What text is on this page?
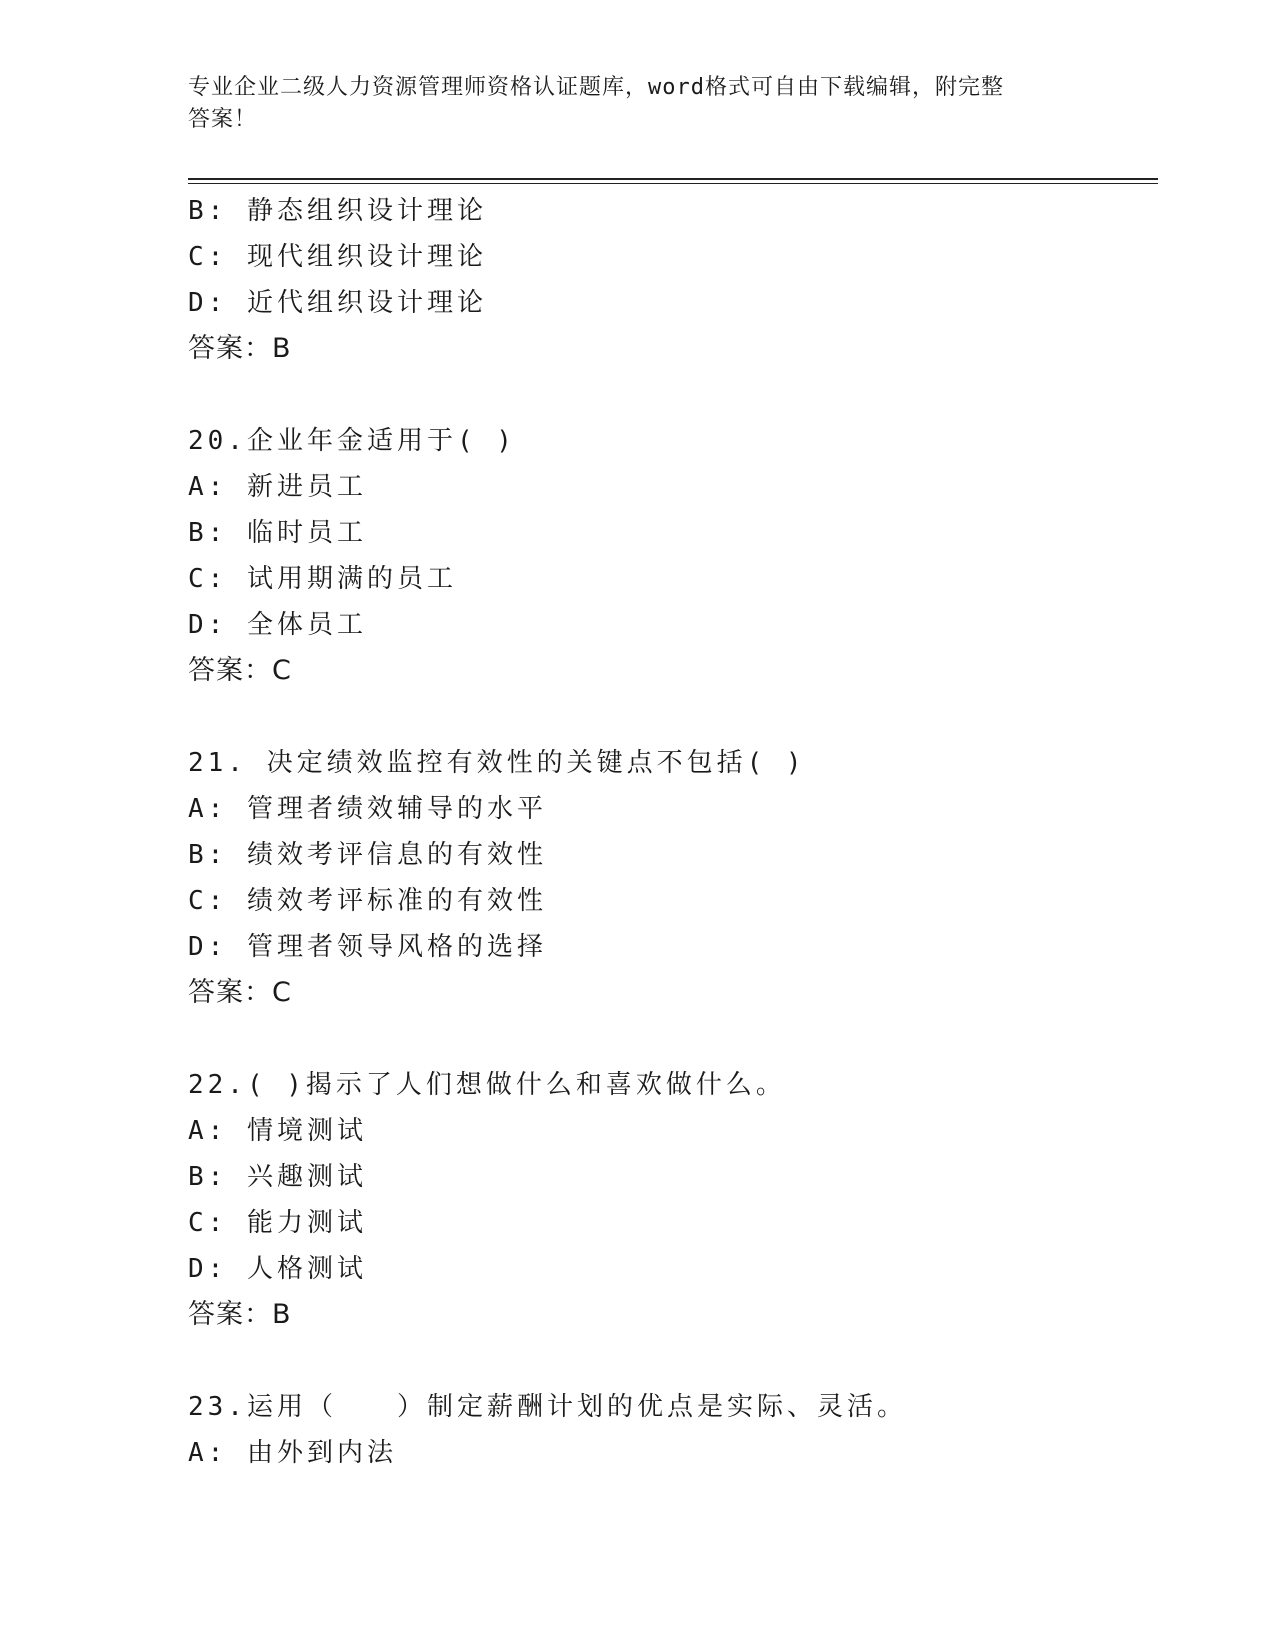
专业企业二级人力资源管理师资格认证题库，word格式可自由下载编辑，附完整
答案！
B: 静态组织设计理论
C: 现代组织设计理论
D: 近代组织设计理论
答案：B
20.企业年金适用于( )
A: 新进员工
B: 临时员工
C: 试用期满的员工
D: 全体员工
答案：C
21. 决定绩效监控有效性的关键点不包括( )
A: 管理者绩效辅导的水平
B: 绩效考评信息的有效性
C: 绩效考评标准的有效性
D: 管理者领导风格的选择
答案：C
22.( )揭示了人们想做什么和喜欢做什么。
A: 情境测试
B: 兴趣测试
C: 能力测试
D: 人格测试
答案：B
23.运用（　　）制定薪酬计划的优点是实际、灵活。
A: 由外到内法
